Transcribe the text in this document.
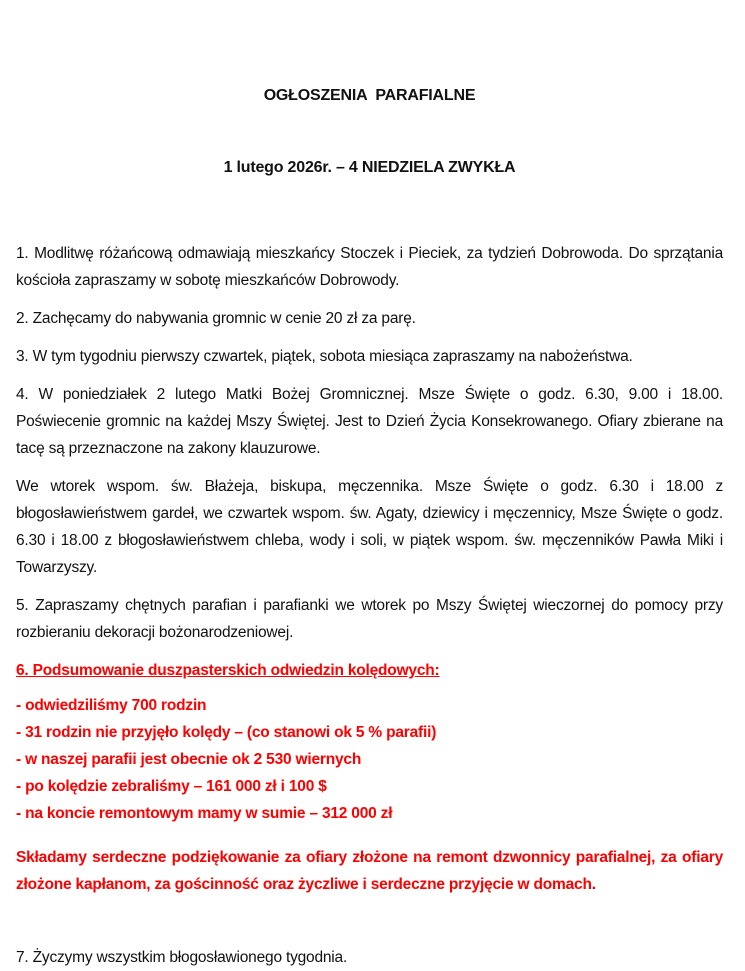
OGŁOSZENIA  PARAFIALNE

1 lutego 2026r. – 4 NIEDZIELA ZWYKŁA

1. Modlitwę różańcową odmawiają mieszkańcy Stoczek i Pieciek, za tydzień Dobrowoda. Do sprzątania kościoła zapraszamy w sobotę mieszkańców Dobrowody.

2. Zachęcamy do nabywania gromnic w cenie 20 zł za parę.

3. W tym tygodniu pierwszy czwartek, piątek, sobota miesiąca zapraszamy na nabożeństwa.

4. W poniedziałek 2 lutego Matki Bożej Gromnicznej. Msze Święte o godz. 6.30, 9.00 i 18.00. Poświecenie gromnic na każdej Mszy Świętej. Jest to Dzień Życia Konsekrowanego. Ofiary zbierane na tacę są przeznaczone na zakony klauzurowe.

We wtorek wspom. św. Błażeja, biskupa, męczennika. Msze Święte o godz. 6.30 i 18.00 z błogosławieństwem gardeł, we czwartek wspom. św. Agaty, dziewicy i męczennicy, Msze Święte o godz. 6.30 i 18.00 z błogosławieństwem chleba, wody i soli, w piątek wspom. św. męczenników Pawła Miki i Towarzyszy.

5. Zapraszamy chętnych parafian i parafianki we wtorek po Mszy Świętej wieczornej do pomocy przy rozbieraniu dekoracji bożonarodzeniowej.

6. Podsumowanie duszpasterskich odwiedzin kolędowych:
- odwiedziliśmy 700 rodzin
- 31 rodzin nie przyjęło kolędy – (co stanowi ok 5 % parafii)
- w naszej parafii jest obecnie ok 2 530 wiernych
- po kolędzie zebraliśmy – 161 000 zł i 100 $
- na koncie remontowym mamy w sumie – 312 000 zł

Składamy serdeczne podziękowanie za ofiary złożone na remont dzwonnicy parafialnej, za ofiary złożone kapłanom, za gościnność oraz życzliwe i serdeczne przyjęcie w domach.

7. Życzymy wszystkim błogosławionego tygodnia.
